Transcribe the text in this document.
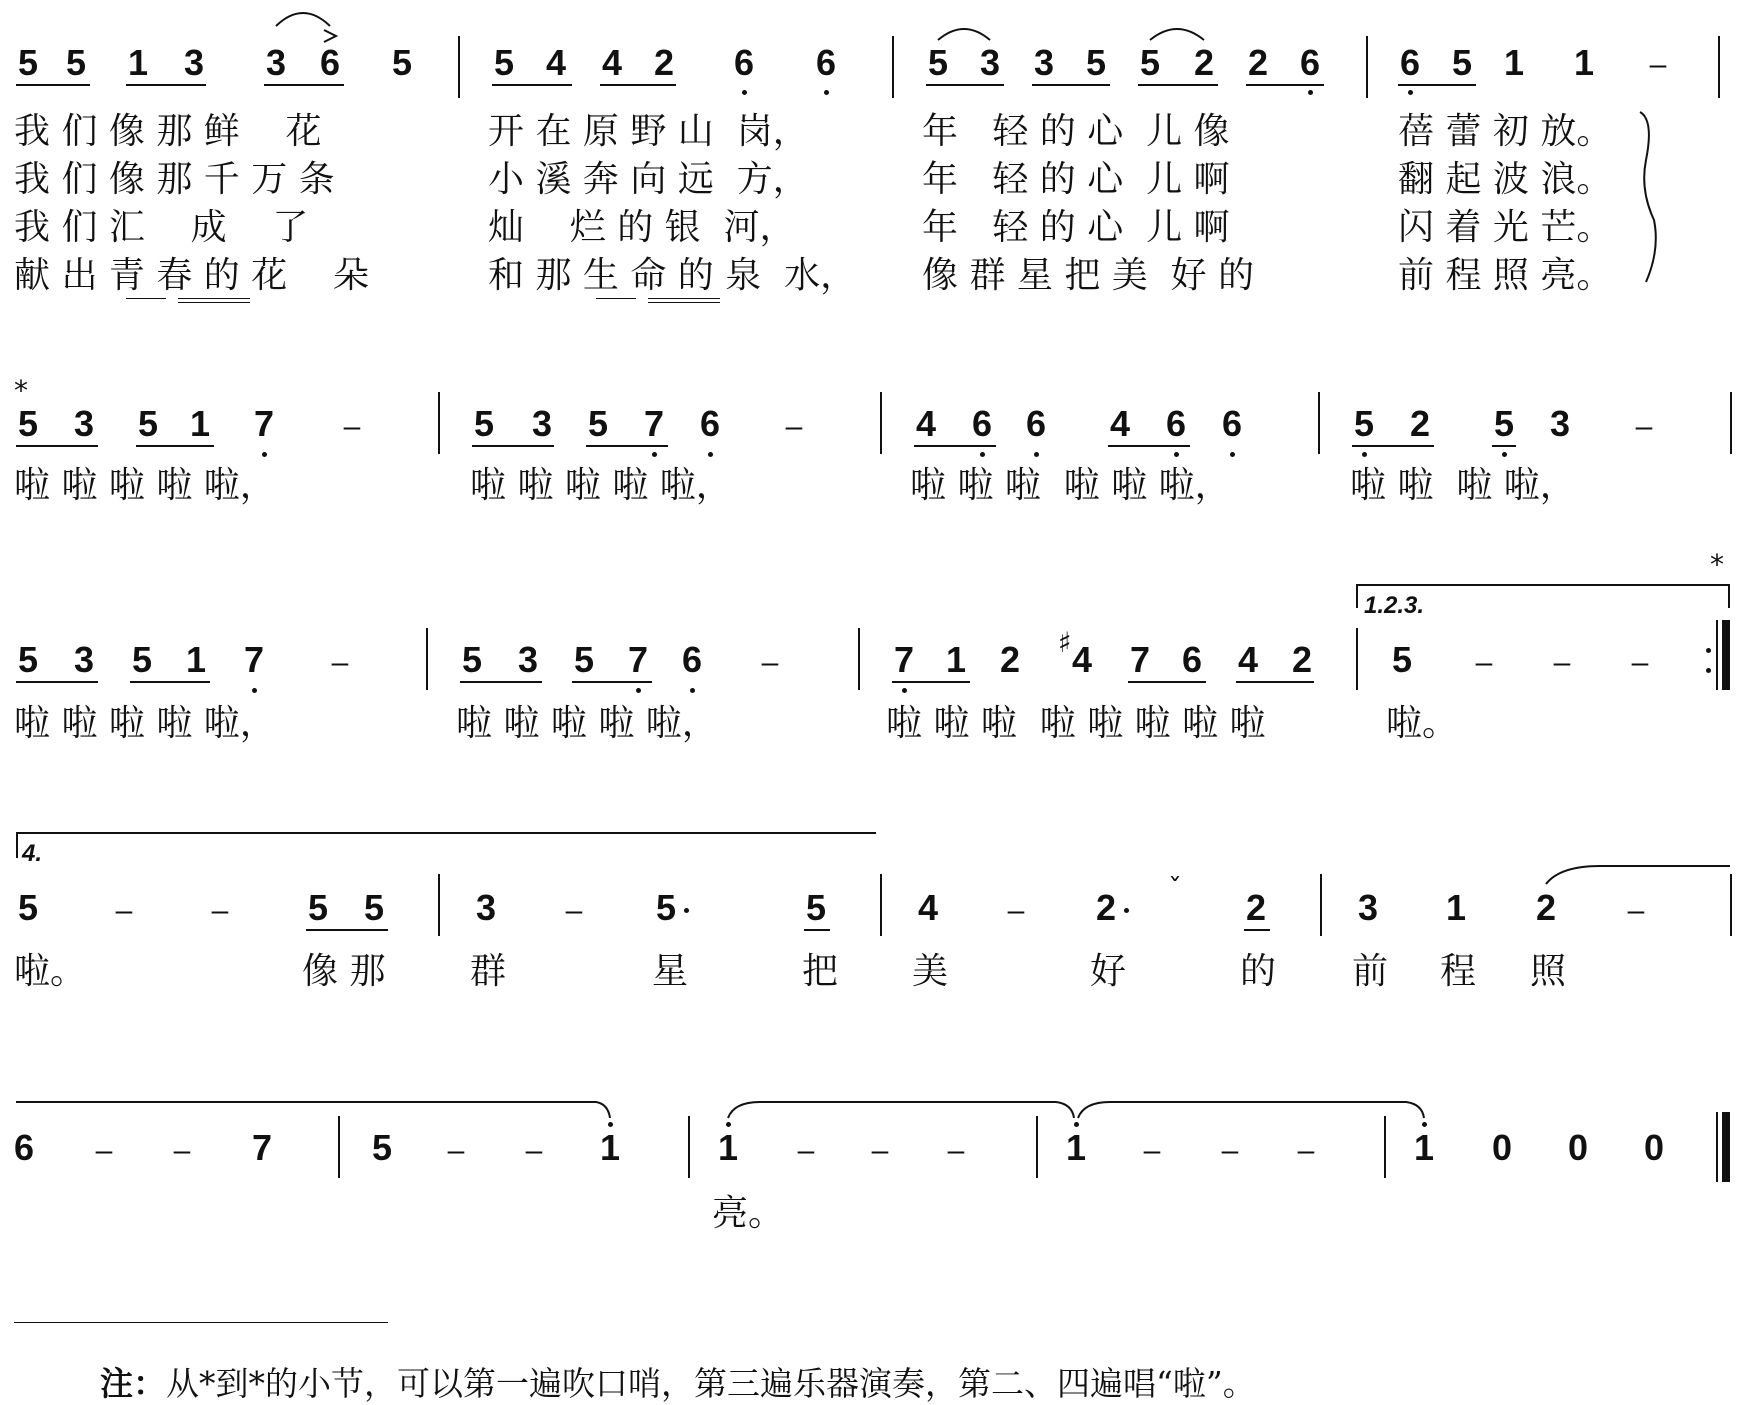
5 5 1 3 3 6 5 5 4 4 2 6 6	5 3 3 5 5 2 2 6 6 5 1 1 –
我 们 像 那 鲜    花	开 在 原 野 山  岗，	年   轻 的 心  儿 像	蓓 蕾 初 放。
我 们 像 那 千 万 条	小 溪 奔 向 远  方，	年   轻 的 心  儿 啊	翻 起 波 浪。
我 们 汇    成    了	灿    烂 的 银  河，	年   轻 的 心  儿 啊	闪 着 光 芒。
献 出 青 春 的 花    朵	和 那 生 命 的 泉  水， 像 群 星 把 美  好 的	前 程 照 亮。
*
5 3 5 1 7 –	5 3 5 7 6 –	4 6 6 4 6 6	5 2 5 3 –
啦 啦 啦 啦 啦，	啦 啦 啦 啦 啦，	啦 啦 啦  啦 啦 啦，	啦 啦  啦 啦，
1.2.3.
*
5 3 5 1 7 –	5 3 5 7 6 –	7 1 2 ♯ 4 7 6 4 2 5 – – –
啦 啦 啦 啦 啦，	啦 啦 啦 啦 啦，	啦 啦 啦  啦 啦 啦 啦 啦	啦。
4.
5	–	– 5 5	3 – 5	5	4 – 2 ˇ 2	3 1 2 –
啦。	像 那 群	星	把 美	好	的 前 程 照
6 – – 7	5 – – 1	1 – – –	1 – – –	1 0 0 0
亮。
注：从*到*的小节，可以第一遍吹口哨，第三遍乐器演奏，第二、四遍唱“啦”。
